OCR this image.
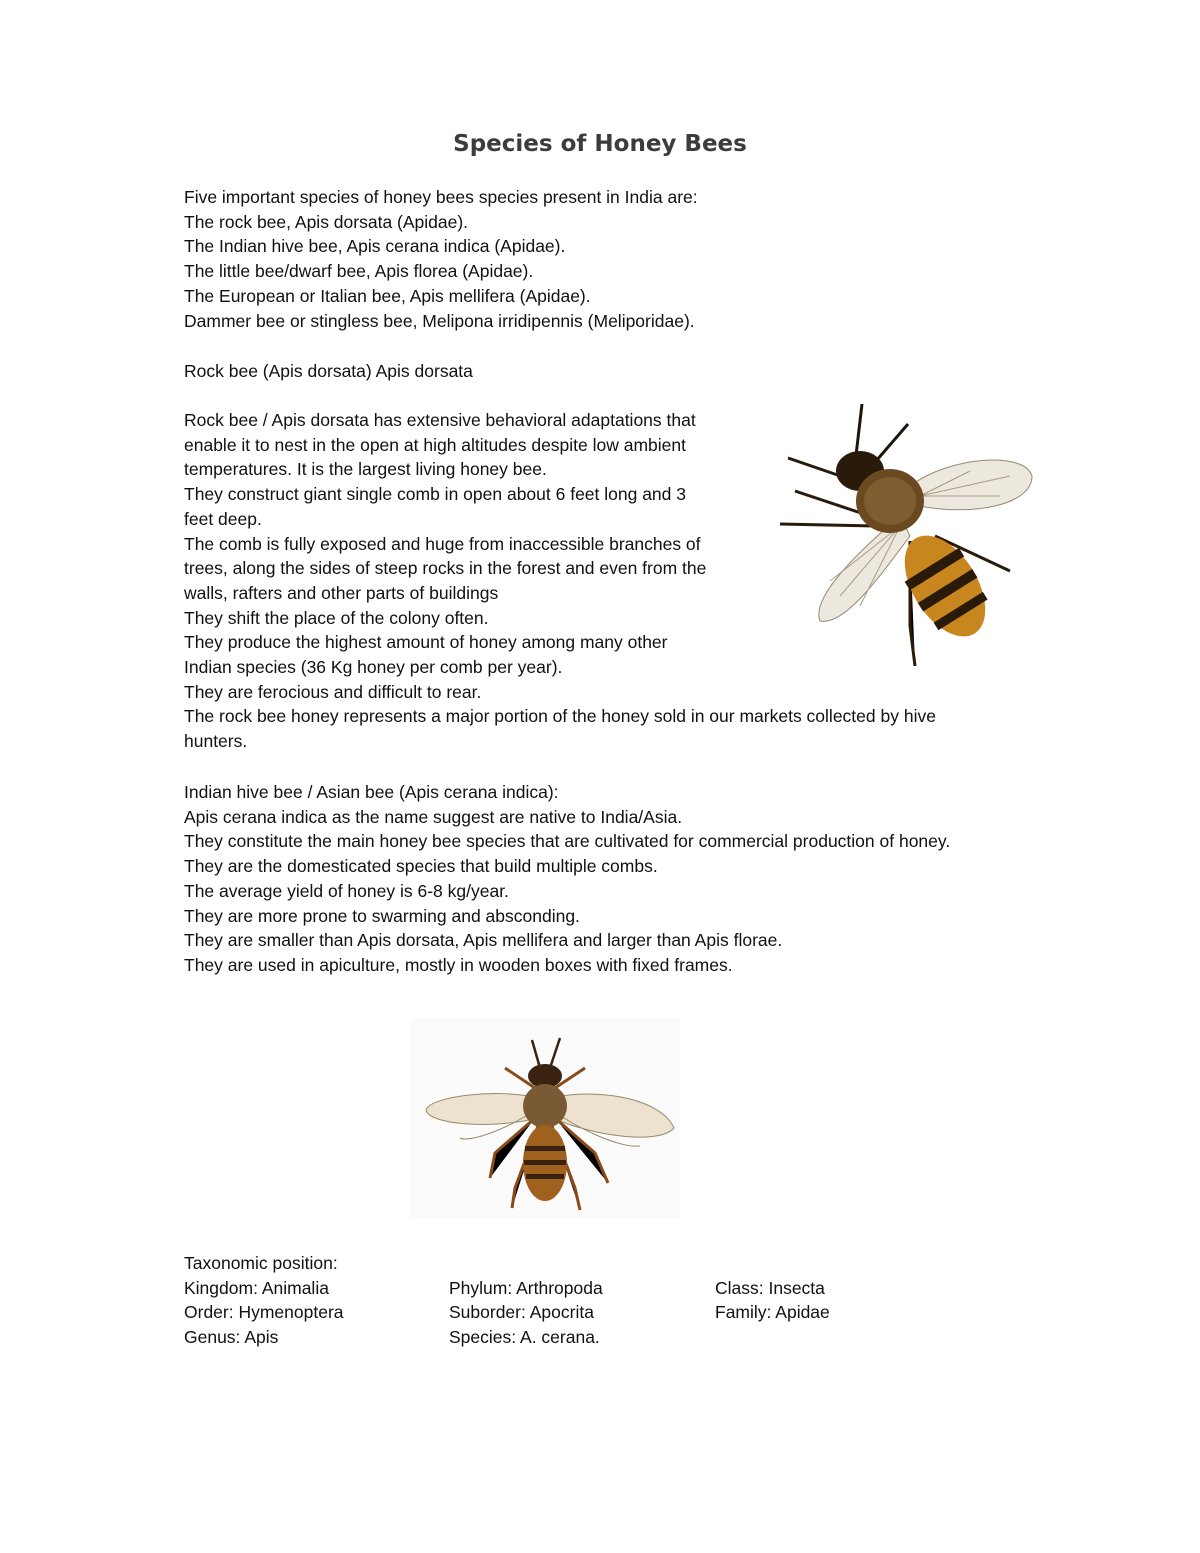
Species of Honey Bees
Five important species of honey bees species present in India are:
The rock bee, Apis dorsata (Apidae).
The Indian hive bee, Apis cerana indica (Apidae).
The little bee/dwarf bee, Apis florea (Apidae).
The European or Italian bee, Apis mellifera (Apidae).
Dammer bee or stingless bee, Melipona irridipennis (Meliporidae).
Rock bee (Apis dorsata) Apis dorsata
Rock bee / Apis dorsata has extensive behavioral adaptations that
enable it to nest in the open at high altitudes despite low ambient
temperatures. It is the largest living honey bee.
They construct giant single comb in open about 6 feet long and 3
feet deep.
The comb is fully exposed and huge from inaccessible branches of
trees, along the sides of steep rocks in the forest and even from the
walls, rafters and other parts of buildings
They shift the place of the colony often.
They produce the highest amount of honey among many other
Indian species (36 Kg honey per comb per year).
They are ferocious and difficult to rear.
The rock bee honey represents a major portion of the honey sold in our markets collected by hive
hunters.
Indian hive bee / Asian bee (Apis cerana indica):
Apis cerana indica as the name suggest are native to India/Asia.
They constitute the main honey bee species that are cultivated for commercial production of honey.
They are the domesticated species that build multiple combs.
The average yield of honey is 6-8 kg/year.
They are more prone to swarming and absconding.
They are smaller than Apis dorsata, Apis mellifera and larger than Apis florae.
They are used in apiculture, mostly in wooden boxes with fixed frames.
Taxonomic position:
Kingdom: Animalia	Phylum: Arthropoda	Class: Insecta
Order: Hymenoptera	Suborder: Apocrita	Family: Apidae
Genus: Apis	Species: A. cerana.
